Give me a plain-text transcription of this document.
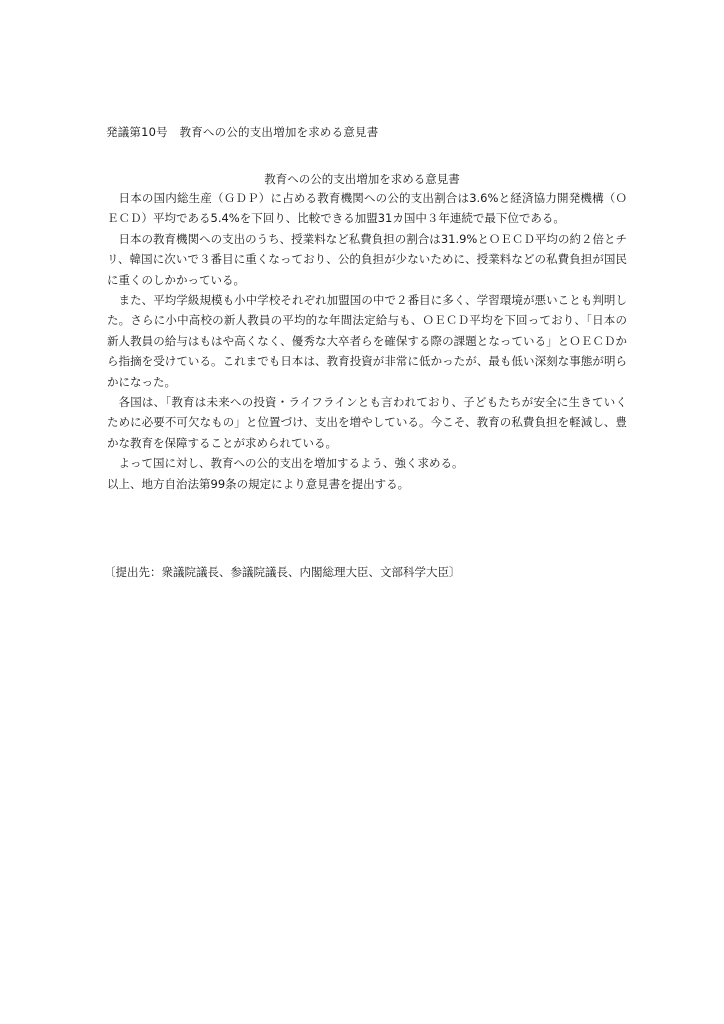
発議第10号　教育への公的支出増加を求める意見書
教育への公的支出増加を求める意見書

日本の国内総生産（ＧＤＰ）に占める教育機関への公的支出割合は3.6%と経済協力開発機構（ＯＥＣＤ）平均である5.4%を下回り、比較できる加盟31カ国中３年連続で最下位である。

日本の教育機関への支出のうち、授業料など私費負担の割合は31.9%とＯＥＣＤ平均の約２倍とチリ、韓国に次いで３番目に重くなっており、公的負担が少ないために、授業料などの私費負担が国民に重くのしかかっている。

また、平均学級規模も小中学校それぞれ加盟国の中で２番目に多く、学習環境が悪いことも判明した。さらに小中高校の新人教員の平均的な年間法定給与も、ＯＥＣＤ平均を下回っており、「日本の新人教員の給与はもはや高くなく、優秀な大卒者らを確保する際の課題となっている」とＯＥＣＤから指摘を受けている。これまでも日本は、教育投資が非常に低かったが、最も低い深刻な事態が明らかになった。

各国は、「教育は未来への投資・ライフラインとも言われており、子どもたちが安全に生きていくために必要不可欠なもの」と位置づけ、支出を増やしている。今こそ、教育の私費負担を軽減し、豊かな教育を保障することが求められている。

よって国に対し、教育への公的支出を増加するよう、強く求める。

以上、地方自治法第99条の規定により意見書を提出する。

〔提出先：衆議院議長、参議院議長、内閣総理大臣、文部科学大臣〕
